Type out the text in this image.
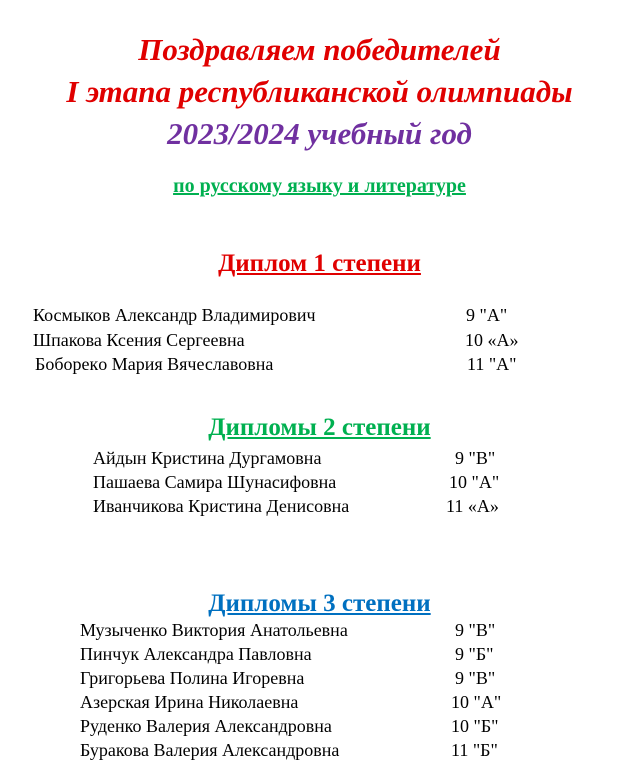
Поздравляем победителей
I этапа республиканской олимпиады
2023/2024 учебный год
по русскому языку и литературе
Диплом 1 степени
Космыков Александр Владимирович	9 "А"
Шпакова Ксения Сергеевна	10 «А»
Боборекo Мария Вячеславовна	11 "А"
Дипломы 2 степени
Айдын Кристина Дургамовна	9 "В"
Пашаева Самира Шунасифовна	10 "А"
Иванчикова Кристина Денисовна	11 «А»
Дипломы 3 степени
Музыченко Виктория Анатольевна	9 "В"
Пинчук Александра Павловна	9 "Б"
Григорьева Полина Игоревна	9 "В"
Азерская Ирина Николаевна	10 "А"
Руденко Валерия Александровна	10 "Б"
Буракова Валерия Александровна	11 "Б"
